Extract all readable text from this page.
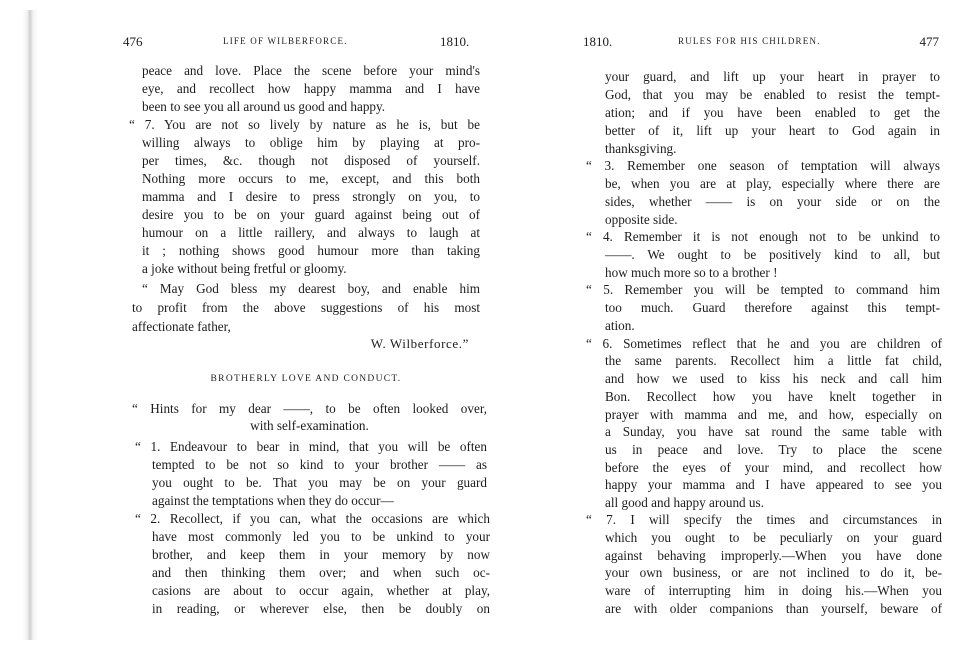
476	LIFE OF WILBERFORCE.	1810.
peace and love. Place the scene before your mind's
eye, and recollect how happy mamma and I have
been to see you all around us good and happy.
“ 7. You are not so lively by nature as he is, but be
willing always to oblige him by playing at pro-
per times, &c. though not disposed of yourself.
Nothing more occurs to me, except, and this both
mamma and I desire to press strongly on you, to
desire you to be on your guard against being out of
humour on a little raillery, and always to laugh at
it ; nothing shows good humour more than taking
a joke without being fretful or gloomy.
“ May God bless my dearest boy, and enable him
to profit from the above suggestions of his most
affectionate father,
W. Wilberforce.”
BROTHERLY LOVE AND CONDUCT.
“ Hints for my dear ——, to be often looked over,
with self-examination.
“ 1. Endeavour to bear in mind, that you will be often
tempted to be not so kind to your brother —— as
you ought to be. That you may be on your guard
against the temptations when they do occur—
“ 2. Recollect, if you can, what the occasions are which
have most commonly led you to be unkind to your
brother, and keep them in your memory by now
and then thinking them over; and when such oc-
casions are about to occur again, whether at play,
in reading, or wherever else, then be doubly on
1810.	RULES FOR HIS CHILDREN.	477
your guard, and lift up your heart in prayer to
God, that you may be enabled to resist the tempt-
ation; and if you have been enabled to get the
better of it, lift up your heart to God again in
thanksgiving.
“ 3. Remember one season of temptation will always
be, when you are at play, especially where there are
sides, whether —— is on your side or on the
opposite side.
“ 4. Remember it is not enough not to be unkind to
——. We ought to be positively kind to all, but
how much more so to a brother !
“ 5. Remember you will be tempted to command him
too much. Guard therefore against this tempt-
ation.
“ 6. Sometimes reflect that he and you are children of
the same parents. Recollect him a little fat child,
and how we used to kiss his neck and call him
Bon. Recollect how you have knelt together in
prayer with mamma and me, and how, especially on
a Sunday, you have sat round the same table with
us in peace and love. Try to place the scene
before the eyes of your mind, and recollect how
happy your mamma and I have appeared to see you
all good and happy around us.
“ 7. I will specify the times and circumstances in
which you ought to be peculiarly on your guard
against behaving improperly.—When you have done
your own business, or are not inclined to do it, be-
ware of interrupting him in doing his.—When you
are with older companions than yourself, beware of
